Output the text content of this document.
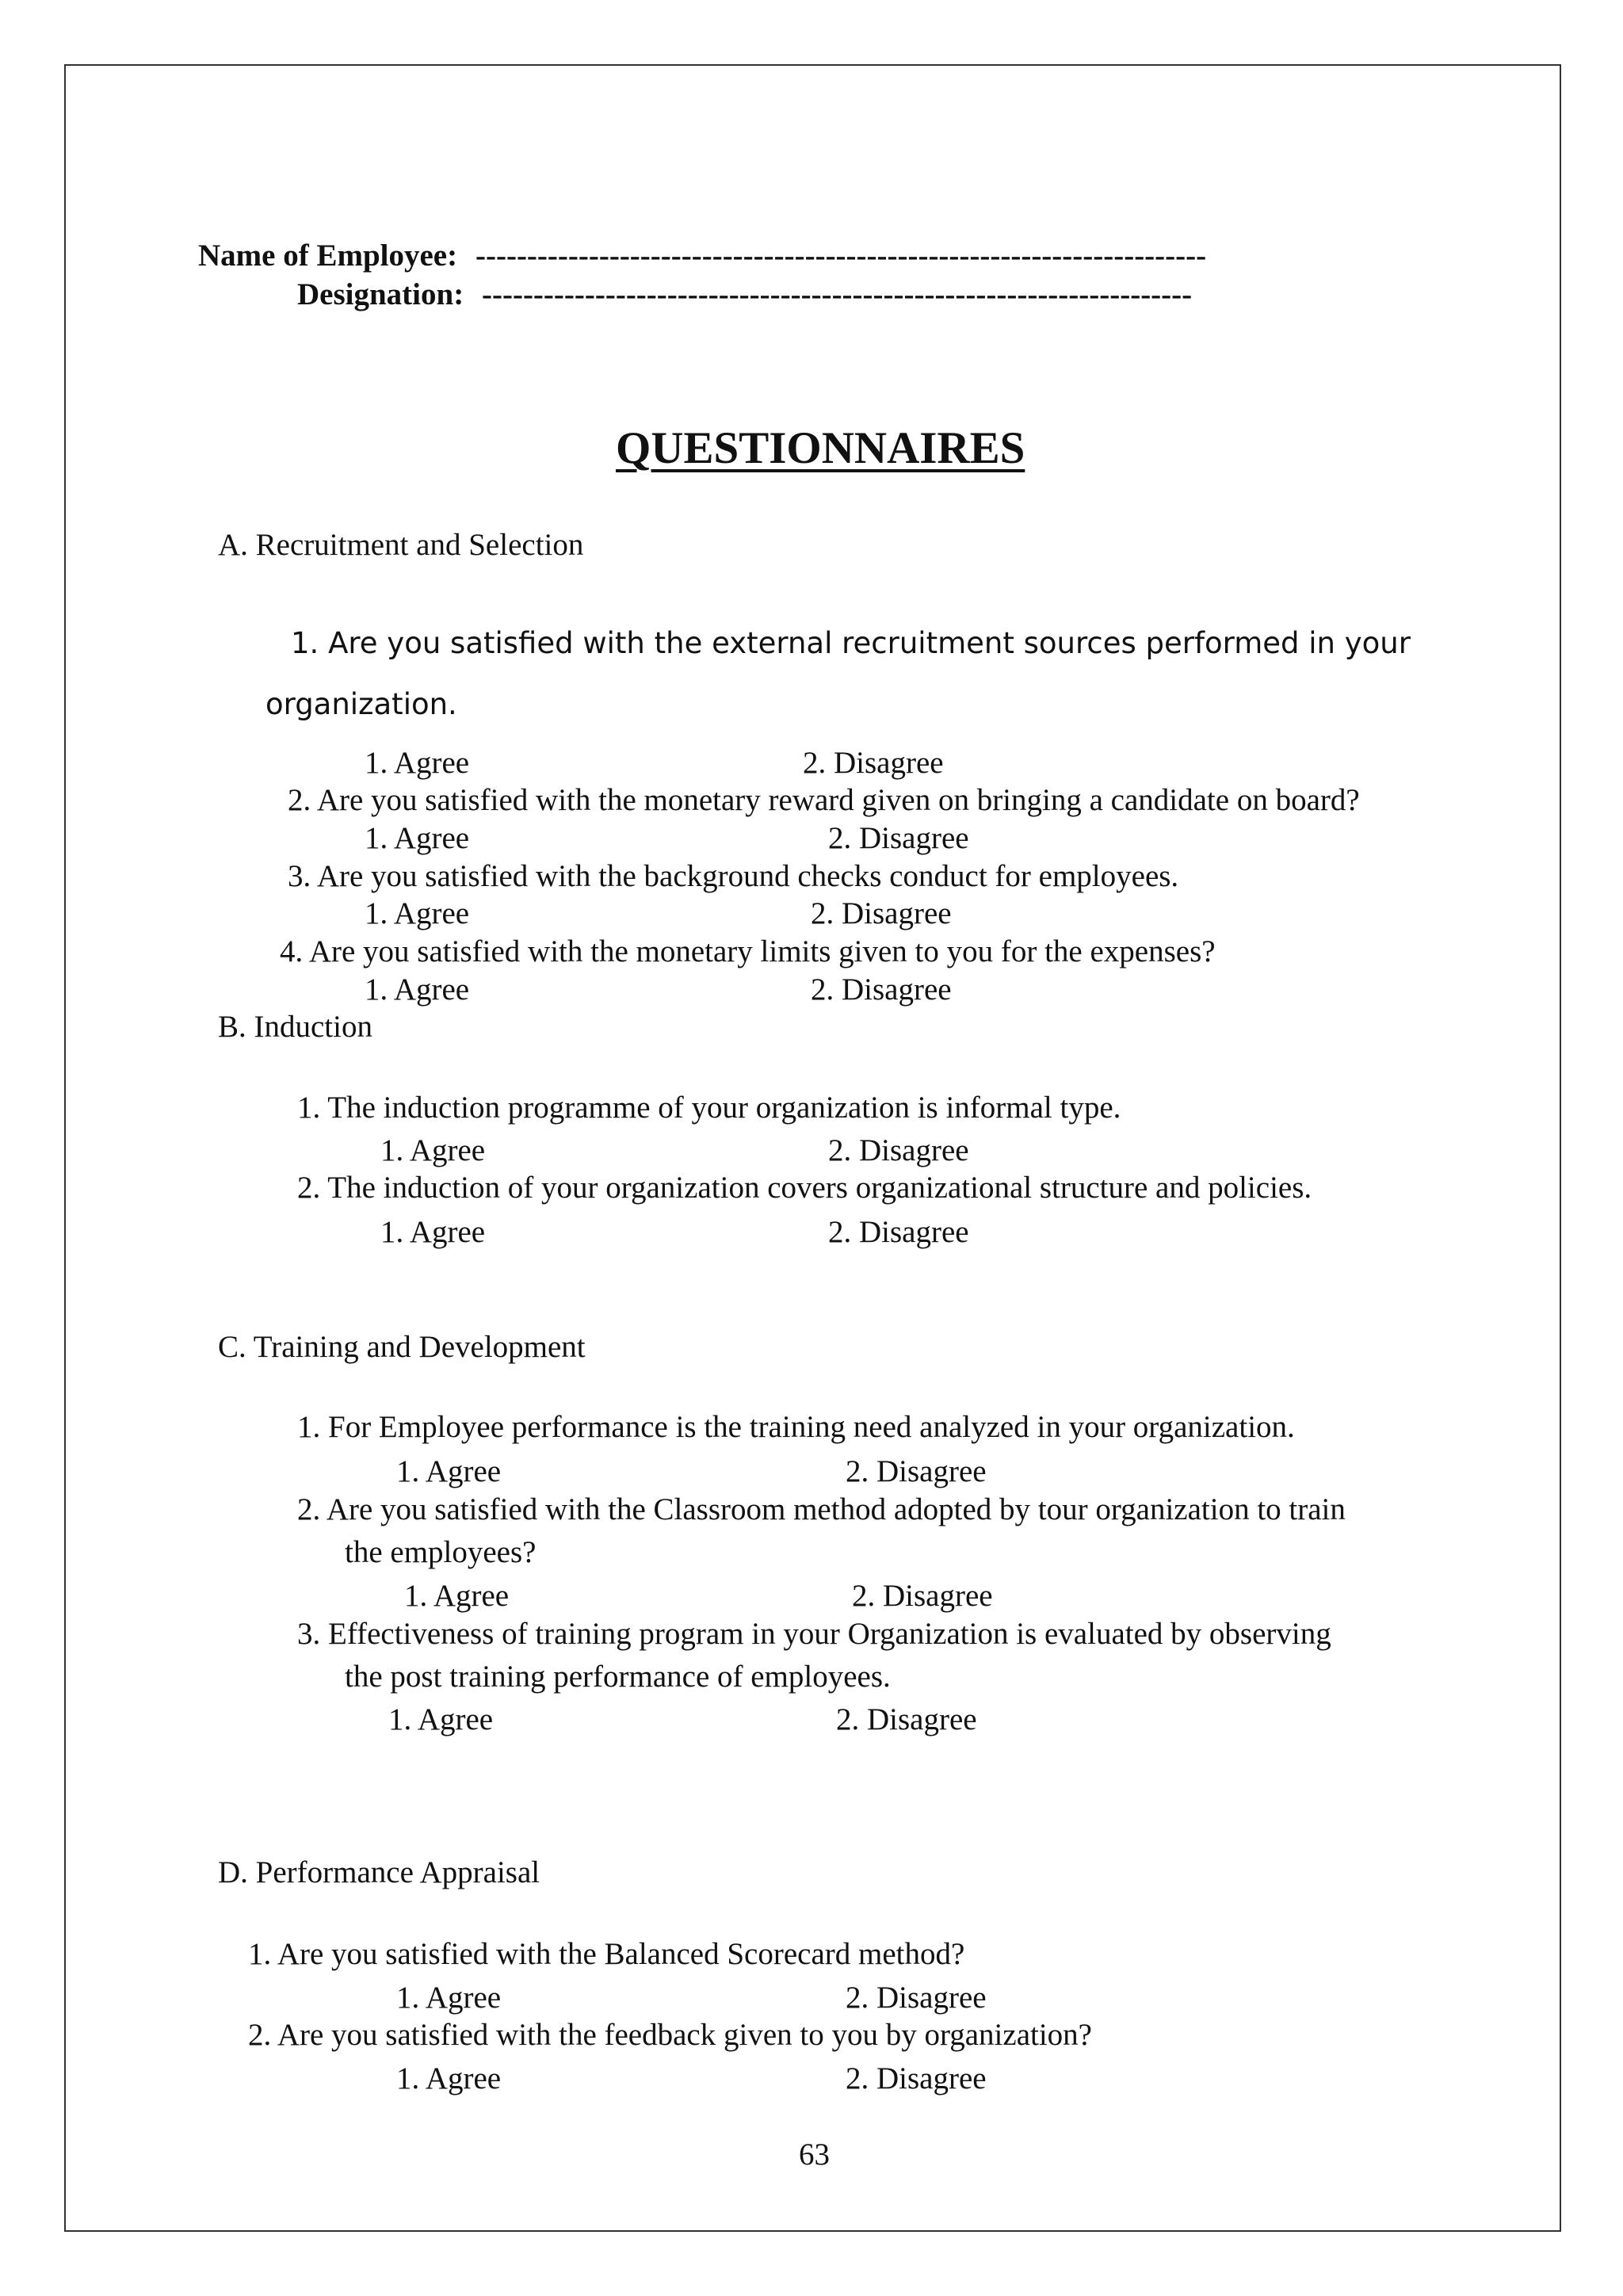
Name of Employee: -----------------------------------------------------------------------
Designation: ---------------------------------------------------------------------
QUESTIONNAIRES
A. Recruitment and Selection
1. Are you satisfied with the external recruitment sources performed in your
organization.
1. Agree	2. Disagree
2. Are you satisfied with the monetary reward given on bringing a candidate on board?
1. Agree	2. Disagree
3. Are you satisfied with the background checks conduct for employees.
1. Agree	2. Disagree
4. Are you satisfied with the monetary limits given to you for the expenses?
1. Agree	2. Disagree
B. Induction
1. The induction programme of your organization is informal type.
1. Agree	2. Disagree
2. The induction of your organization covers organizational structure and policies.
1. Agree	2. Disagree
C. Training and Development
1. For Employee performance is the training need analyzed in your organization.
1. Agree	2. Disagree
2. Are you satisfied with the Classroom method adopted by tour organization to train
the employees?
1. Agree	2. Disagree
3. Effectiveness of training program in your Organization is evaluated by observing
the post training performance of employees.
1. Agree	2. Disagree
D. Performance Appraisal
1. Are you satisfied with the Balanced Scorecard method?
1. Agree	2. Disagree
2. Are you satisfied with the feedback given to you by organization?
1. Agree	2. Disagree
63
